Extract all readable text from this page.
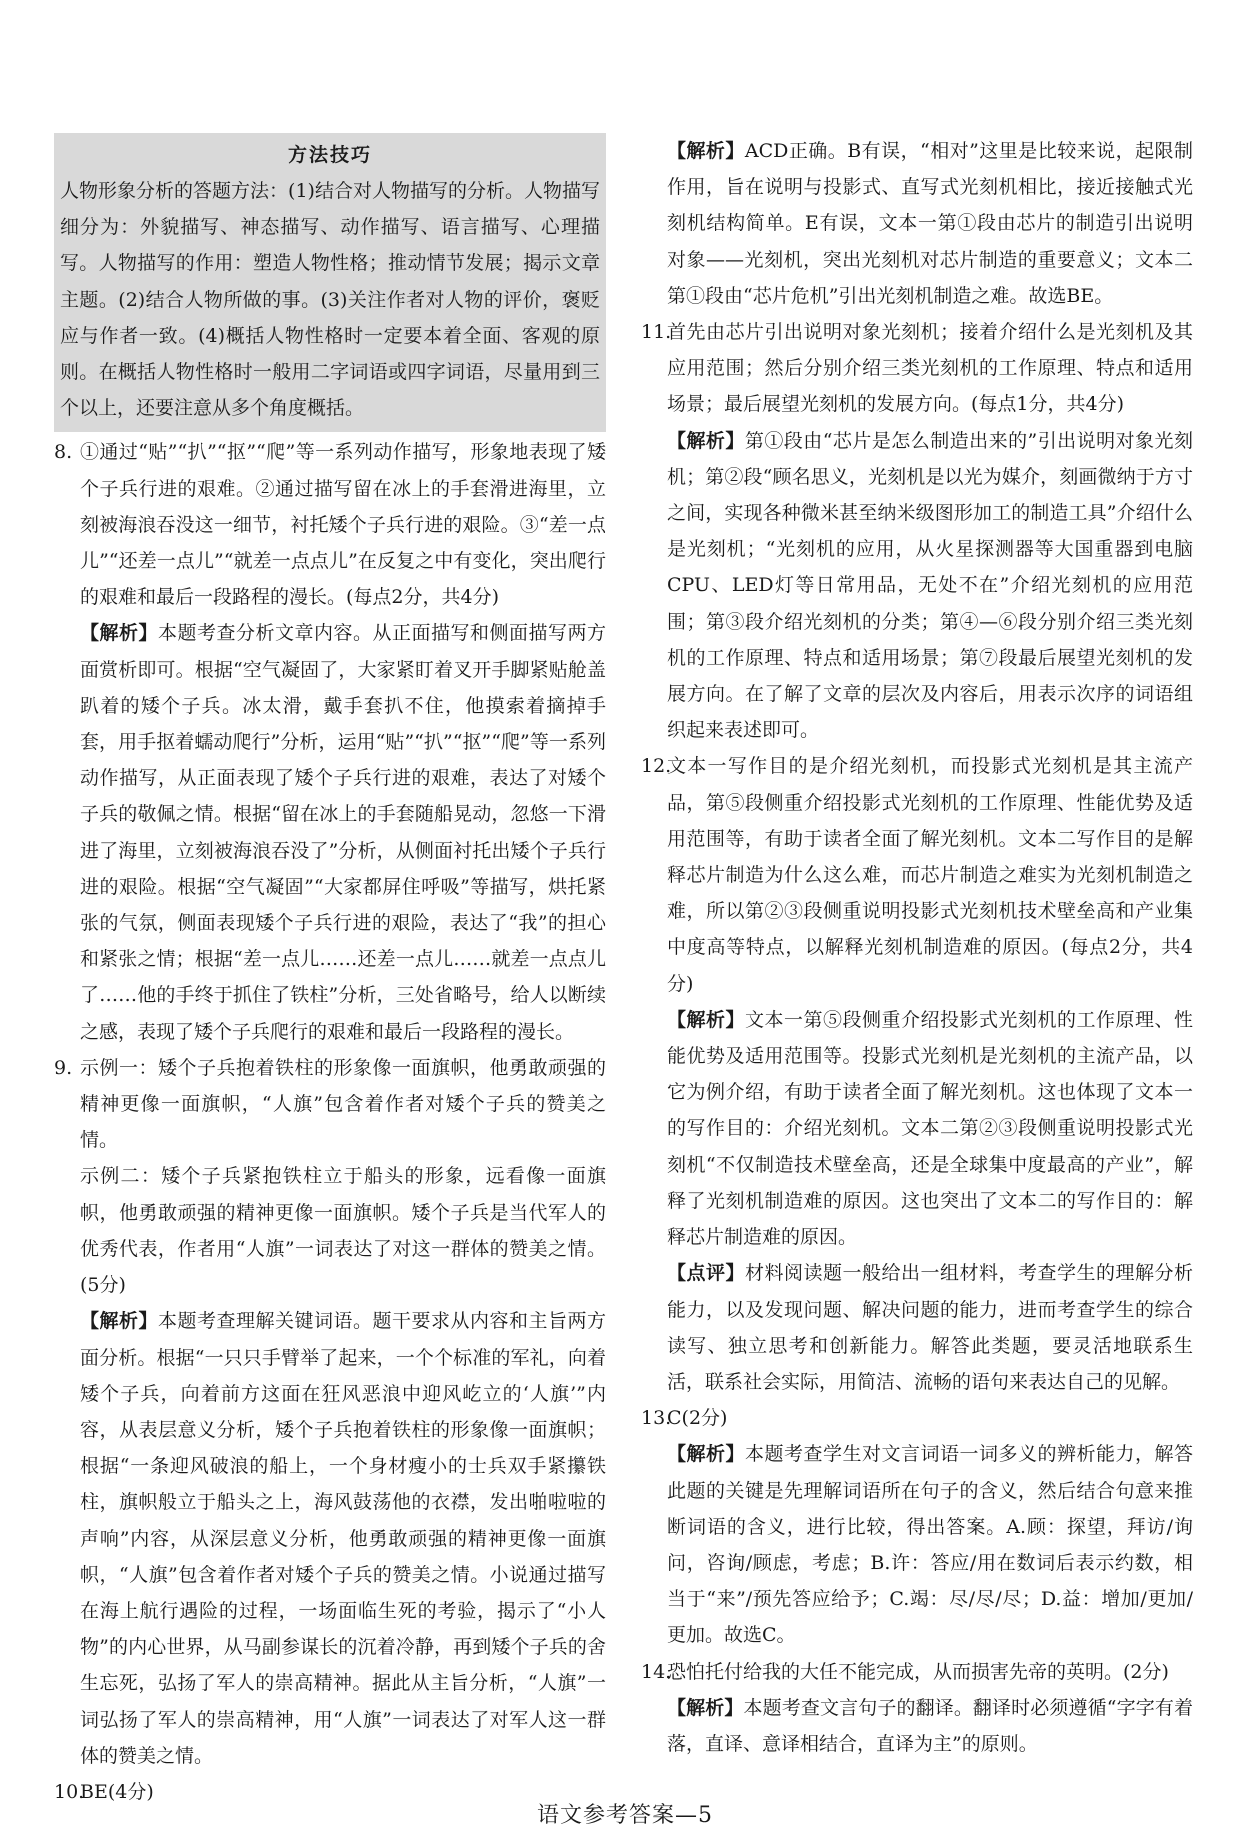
方法技巧

人物形象分析的答题方法：(1)结合对人物描写的分析。人物描写细分为：外貌描写、神态描写、动作描写、语言描写、心理描写。人物描写的作用：塑造人物性格；推动情节发展；揭示文章主题。(2)结合人物所做的事。(3)关注作者对人物的评价，褒贬应与作者一致。(4)概括人物性格时一定要本着全面、客观的原则。在概括人物性格时一般用二字词语或四字词语，尽量用到三个以上，还要注意从多个角度概括。

8. ①通过“贴”“扒”“抠”“爬”等一系列动作描写，形象地表现了矮个子兵行进的艰难。②通过描写留在冰上的手套滑进海里，立刻被海浪吞没这一细节，衬托矮个子兵行进的艰险。③“差一点儿”“还差一点儿”“就差一点点儿”在反复之中有变化，突出爬行的艰难和最后一段路程的漫长。(每点2分，共4分)

【解析】本题考查分析文章内容。从正面描写和侧面描写两方面赏析即可。根据“空气凝固了，大家紧盯着叉开手脚紧贴舱盖趴着的矮个子兵。冰太滑，戴手套扒不住，他摸索着摘掉手套，用手抠着蠕动爬行”分析，运用“贴”“扒”“抠”“爬”等一系列动作描写，从正面表现了矮个子兵行进的艰难，表达了对矮个子兵的敬佩之情。根据“留在冰上的手套随船晃动，忽悠一下滑进了海里，立刻被海浪吞没了”分析，从侧面衬托出矮个子兵行进的艰险。根据“空气凝固”“大家都屏住呼吸”等描写，烘托紧张的气氛，侧面表现矮个子兵行进的艰险，表达了“我”的担心和紧张之情；根据“差一点儿……还差一点儿……就差一点点儿了……他的手终于抓住了铁柱”分析，三处省略号，给人以断续之感，表现了矮个子兵爬行的艰难和最后一段路程的漫长。

9. 示例一：矮个子兵抱着铁柱的形象像一面旗帜，他勇敢顽强的精神更像一面旗帜，“人旗”包含着作者对矮个子兵的赞美之情。

示例二：矮个子兵紧抱铁柱立于船头的形象，远看像一面旗帜，他勇敢顽强的精神更像一面旗帜。矮个子兵是当代军人的优秀代表，作者用“人旗”一词表达了对这一群体的赞美之情。(5分)

【解析】本题考查理解关键词语。题干要求从内容和主旨两方面分析。根据“一只只手臂举了起来，一个个标准的军礼，向着矮个子兵，向着前方这面在狂风恶浪中迎风屹立的‘人旗’”内容，从表层意义分析，矮个子兵抱着铁柱的形象像一面旗帜；根据“一条迎风破浪的船上，一个身材瘦小的士兵双手紧攥铁柱，旗帜般立于船头之上，海风鼓荡他的衣襟，发出啪啦啦的声响”内容，从深层意义分析，他勇敢顽强的精神更像一面旗帜，“人旗”包含着作者对矮个子兵的赞美之情。小说通过描写在海上航行遇险的过程，一场面临生死的考验，揭示了“小人物”的内心世界，从马副参谋长的沉着冷静，再到矮个子兵的舍生忘死，弘扬了军人的崇高精神。据此从主旨分析，“人旗”一词弘扬了军人的崇高精神，用“人旗”一词表达了对军人这一群体的赞美之情。

10.

BE(4分)

【解析】ACD正确。B有误，“相对”这里是比较来说，起限制作用，旨在说明与投影式、直写式光刻机相比，接近接触式光刻机结构简单。E有误，文本一第①段由芯片的制造引出说明对象——光刻机，突出光刻机对芯片制造的重要意义；文本二第①段由“芯片危机”引出光刻机制造之难。故选BE。

11.

首先由芯片引出说明对象光刻机；接着介绍什么是光刻机及其应用范围；然后分别介绍三类光刻机的工作原理、特点和适用场景；最后展望光刻机的发展方向。(每点1分，共4分)

【解析】第①段由“芯片是怎么制造出来的”引出说明对象光刻机；第②段“顾名思义，光刻机是以光为媒介，刻画微纳于方寸之间，实现各种微米甚至纳米级图形加工的制造工具”介绍什么是光刻机；“光刻机的应用，从火星探测器等大国重器到电脑CPU、LED灯等日常用品，无处不在”介绍光刻机的应用范围；第③段介绍光刻机的分类；第④—⑥段分别介绍三类光刻机的工作原理、特点和适用场景；第⑦段最后展望光刻机的发展方向。在了解了文章的层次及内容后，用表示次序的词语组织起来表述即可。

12.

文本一写作目的是介绍光刻机，而投影式光刻机是其主流产品，第⑤段侧重介绍投影式光刻机的工作原理、性能优势及适用范围等，有助于读者全面了解光刻机。文本二写作目的是解释芯片制造为什么这么难，而芯片制造之难实为光刻机制造之难，所以第②③段侧重说明投影式光刻机技术壁垒高和产业集中度高等特点，以解释光刻机制造难的原因。(每点2分，共4分)

【解析】文本一第⑤段侧重介绍投影式光刻机的工作原理、性能优势及适用范围等。投影式光刻机是光刻机的主流产品，以它为例介绍，有助于读者全面了解光刻机。这也体现了文本一的写作目的：介绍光刻机。文本二第②③段侧重说明投影式光刻机“不仅制造技术壁垒高，还是全球集中度最高的产业”，解释了光刻机制造难的原因。这也突出了文本二的写作目的：解释芯片制造难的原因。

【点评】材料阅读题一般给出一组材料，考查学生的理解分析能力，以及发现问题、解决问题的能力，进而考查学生的综合读写、独立思考和创新能力。解答此类题，要灵活地联系生活，联系社会实际，用简洁、流畅的语句来表达自己的见解。

13.

C(2分)

【解析】本题考查学生对文言词语一词多义的辨析能力，解答此题的关键是先理解词语所在句子的含义，然后结合句意来推断词语的含义，进行比较，得出答案。A.顾：探望，拜访/询问，咨询/顾虑，考虑；B.许：答应/用在数词后表示约数，相当于“来”/预先答应给予；C.竭：尽/尽/尽；D.益：增加/更加/更加。故选C。

14.

恐怕托付给我的大任不能完成，从而损害先帝的英明。(2分)

【解析】本题考查文言句子的翻译。翻译时必须遵循“字字有着落，直译、意译相结合，直译为主”的原则。

语文参考答案—5
